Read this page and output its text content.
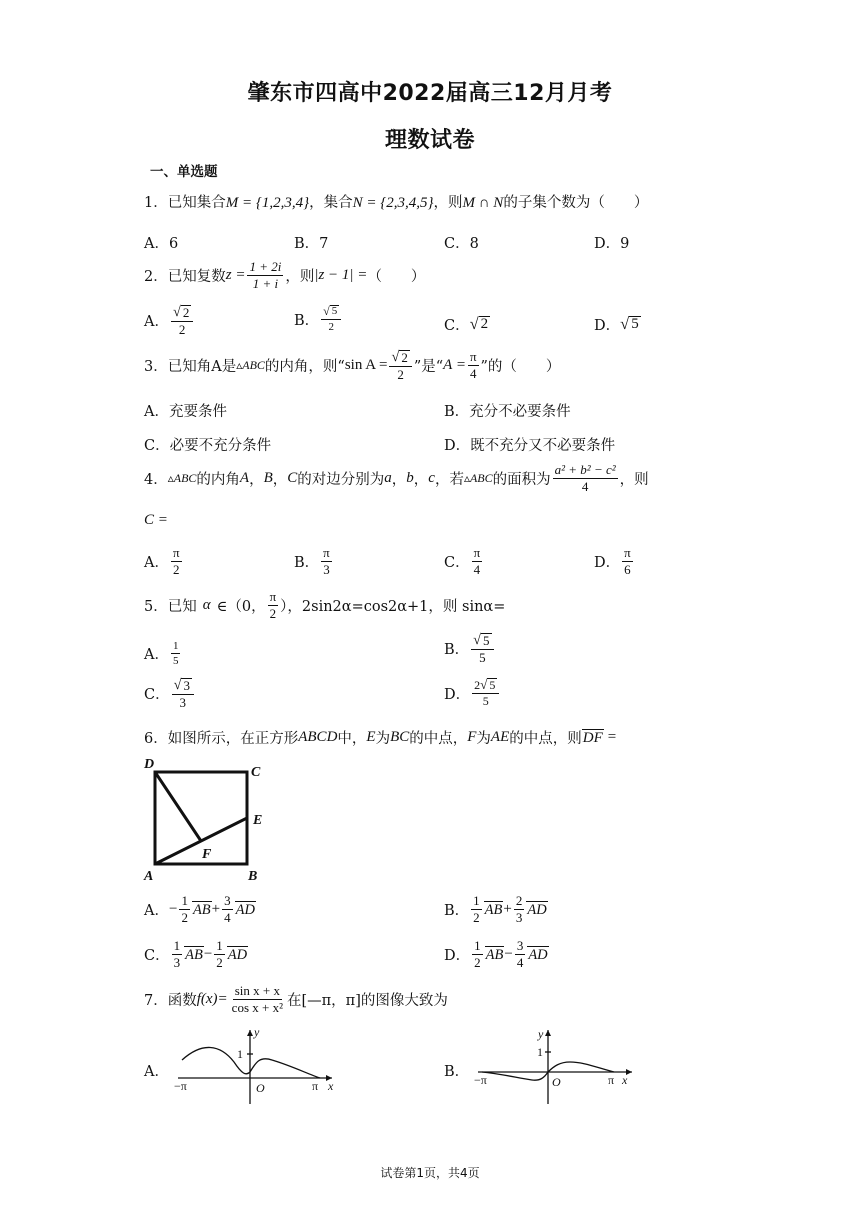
肇东市四高中2022届高三12月月考
理数试卷
一、单选题
1．已知集合M = {1,2,3,4}，集合N = {2,3,4,5}，则M ∩ N的子集个数为（　　）
A．6	B．7	C．8	D．9
2． 已知复数 $z = \frac{1 + 2i}{1 + i}$ ，则 |z − 1| = （　　）
A． $\frac{√ 2}{2}$	B． $\frac{√ 5}{2}$	C． √ 2	D． √ 5
3． 已知角A是 ▵ABC 的内角，则“ $\sin A = \frac{√ 2}{2}$ ”是“ $A = \frac{\pi}{4}$ ”的（　　）
A．充要条件	B．充分不必要条件
C．必要不充分条件	D．既不充分又不必要条件
4． ▵ABC 的内角 A ， B ， C 的对边分别为 a ， b ， c ，若 ▵ABC 的面积为 $\frac{\text{a² + b² − c²}}{4}$ ，则
C =
A． $\frac{\pi}{2}$	B． $\frac{\pi}{3}$	C． $\frac{\pi}{4}$	D． $\frac{\pi}{6}$
5． 已知 α ∈（0， $\frac{\pi}{2}$ ），2sin2α=cos2α+1，则 sinα=
A． $\frac{1}{5}$	B． $\frac{√ 5}{5}$
C． $\frac{√ 3}{3}$	D． $\frac{2 √ 5}{5}$
6． 如图所示，在正方形 ABCD 中， E 为 BC 的中点， F 为 AE 的中点，则 DF =
D
C
E
F
A	B
A． − $\frac{1}{2}$ AB + $\frac{3}{4}$ AD	B． $\frac{1}{2}$ AB + $\frac{2}{3}$ AD
C． $\frac{1}{3}$ AB − $\frac{1}{2}$ AD	D． $\frac{1}{2}$ AB − $\frac{3}{4}$ AD
7． 函数 $f(x)= \frac{\text{sin x + x}}{\text{cos x + x²}}$ 在[—π，π]的图像大致为
A．
y
1
O
−π	π x
B．
y
1
O
−π	π x
试卷第1页，共4页
